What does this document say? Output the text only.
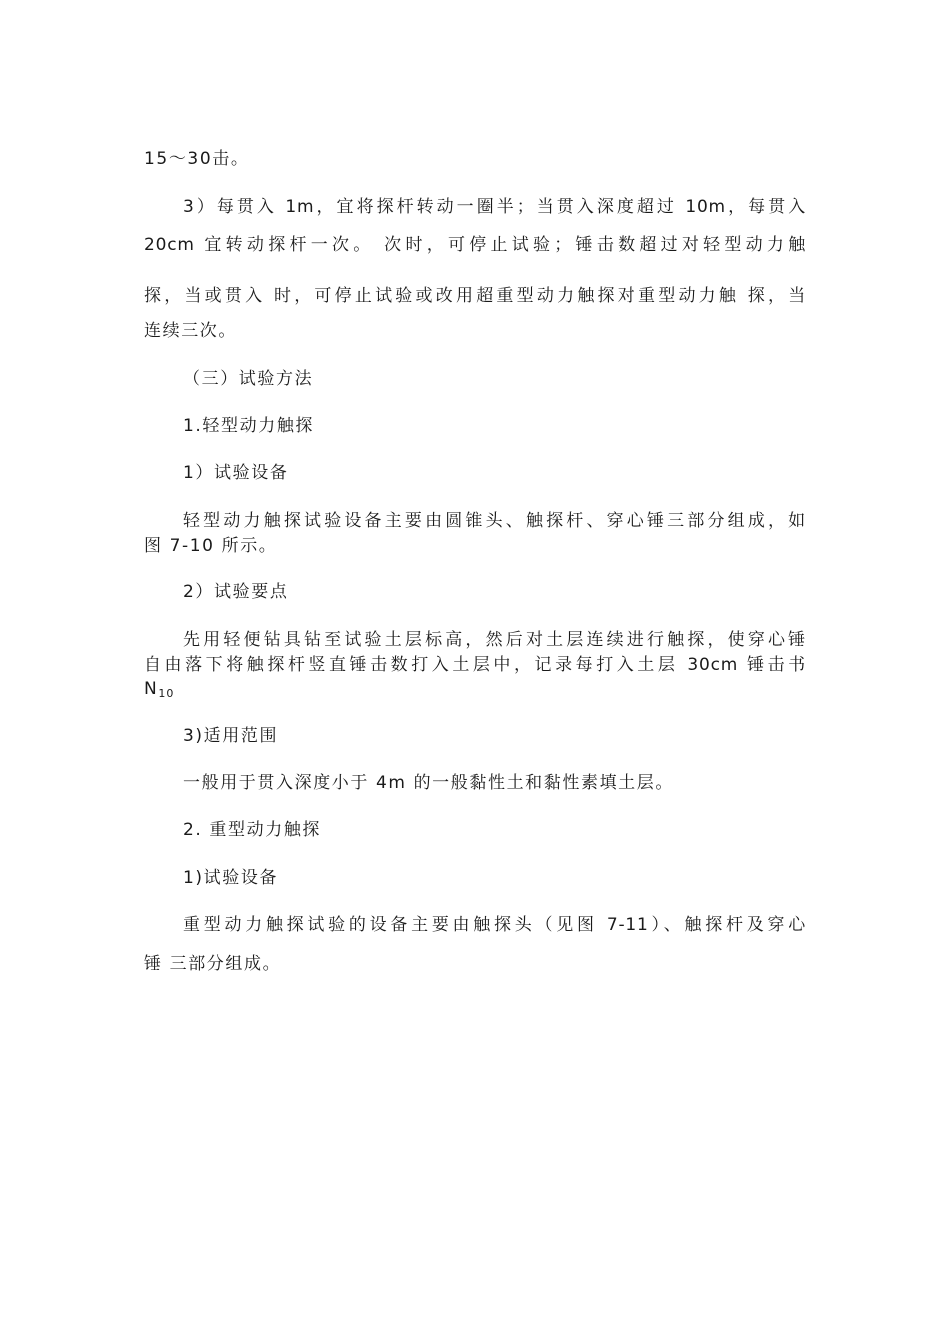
15～30击。
3）每贯入 1m，宜将探杆转动一圈半；当贯入深度超过 10m，每贯入
20cm 宜转动探杆一次。 次时，可停止试验；锤击数超过对轻型动力触
探，当或贯入 时，可停止试验或改用超重型动力触探对重型动力触 探，当
连续三次。
（三）试验方法
1.轻型动力触探
1）试验设备
轻型动力触探试验设备主要由圆锥头、触探杆、穿心锤三部分组成，如
图 7-10 所示。
2）试验要点
先用轻便钻具钻至试验土层标高，然后对土层连续进行触探，使穿心锤
自由落下将触探杆竖直锤击数打入土层中，记录每打入土层 30cm 锤击书
$N_{10}$
3)适用范围
一般用于贯入深度小于 4m 的一般黏性土和黏性素填土层。
2. 重型动力触探
1)试验设备
重型动力触探试验的设备主要由触探头（见图 7-11）、触探杆及穿心
锤 三部分组成。
